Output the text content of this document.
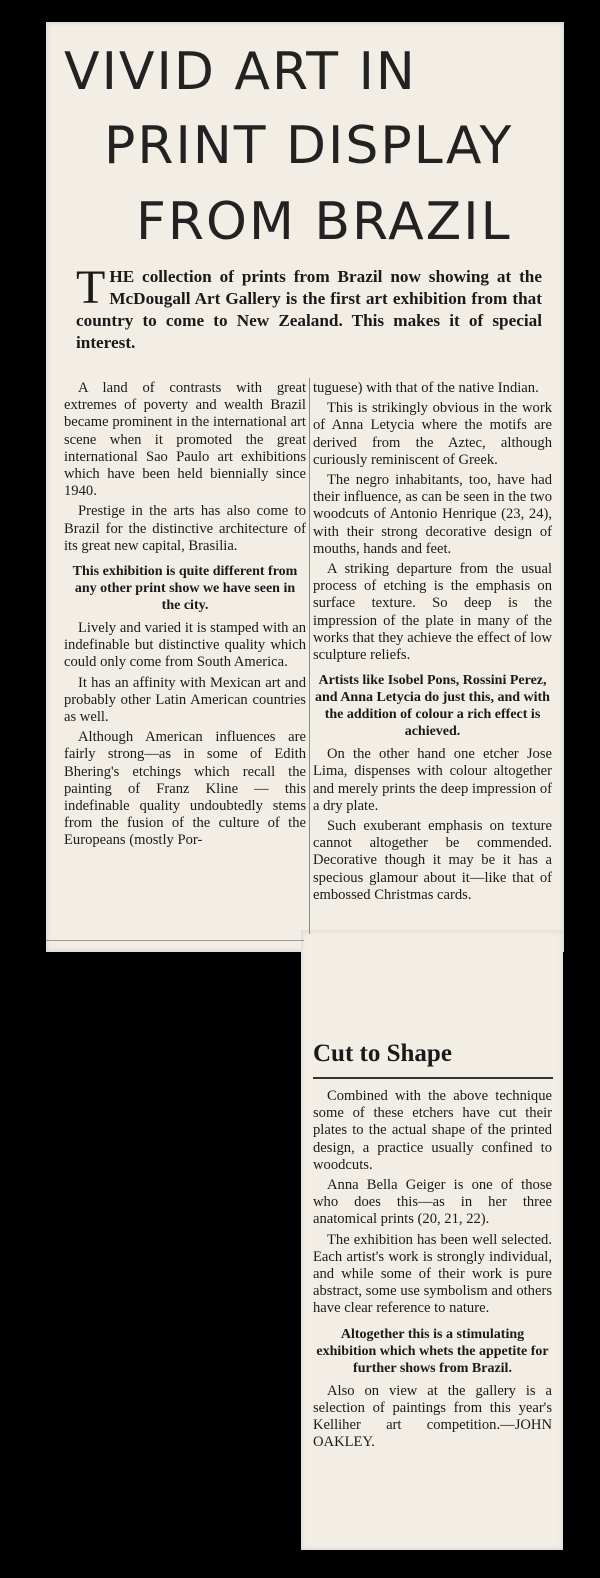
VIVID ART IN
PRINT DISPLAY
FROM BRAZIL

THE collection of prints from Brazil now showing at the McDougall Art Gallery is the first art exhibition from that country to come to New Zealand. This makes it of special interest.

A land of contrasts with great extremes of poverty and wealth Brazil became prominent in the international art scene when it promoted the great international Sao Paulo art exhibitions which have been held biennially since 1940.

Prestige in the arts has also come to Brazil for the distinctive architecture of its great new capital, Brasilia.

This exhibition is quite different from any other print show we have seen in the city.

Lively and varied it is stamped with an indefinable but distinctive quality which could only come from South America.

It has an affinity with Mexican art and probably other Latin American countries as well.

Although American influences are fairly strong—as in some of Edith Bhering's etchings which recall the painting of Franz Kline — this indefinable quality undoubtedly stems from the fusion of the culture of the Europeans (mostly Por-

tuguese) with that of the native Indian.

This is strikingly obvious in the work of Anna Letycia where the motifs are derived from the Aztec, although curiously reminiscent of Greek.

The negro inhabitants, too, have had their influence, as can be seen in the two woodcuts of Antonio Henrique (23, 24), with their strong decorative design of mouths, hands and feet.

A striking departure from the usual process of etching is the emphasis on surface texture. So deep is the impression of the plate in many of the works that they achieve the effect of low sculpture reliefs.

Artists like Isobel Pons, Rossini Perez, and Anna Letycia do just this, and with the addition of colour a rich effect is achieved.

On the other hand one etcher Jose Lima, dispenses with colour altogether and merely prints the deep impression of a dry plate.

Such exuberant emphasis on texture cannot altogether be commended. Decorative though it may be it has a specious glamour about it—like that of embossed Christmas cards.

Cut to Shape

Combined with the above technique some of these etchers have cut their plates to the actual shape of the printed design, a practice usually confined to woodcuts.

Anna Bella Geiger is one of those who does this—as in her three anatomical prints (20, 21, 22).

The exhibition has been well selected. Each artist's work is strongly individual, and while some of their work is pure abstract, some use symbolism and others have clear reference to nature.

Altogether this is a stimulating exhibition which whets the appetite for further shows from Brazil.

Also on view at the gallery is a selection of paintings from this year's Kelliher art competition.—JOHN OAKLEY.
